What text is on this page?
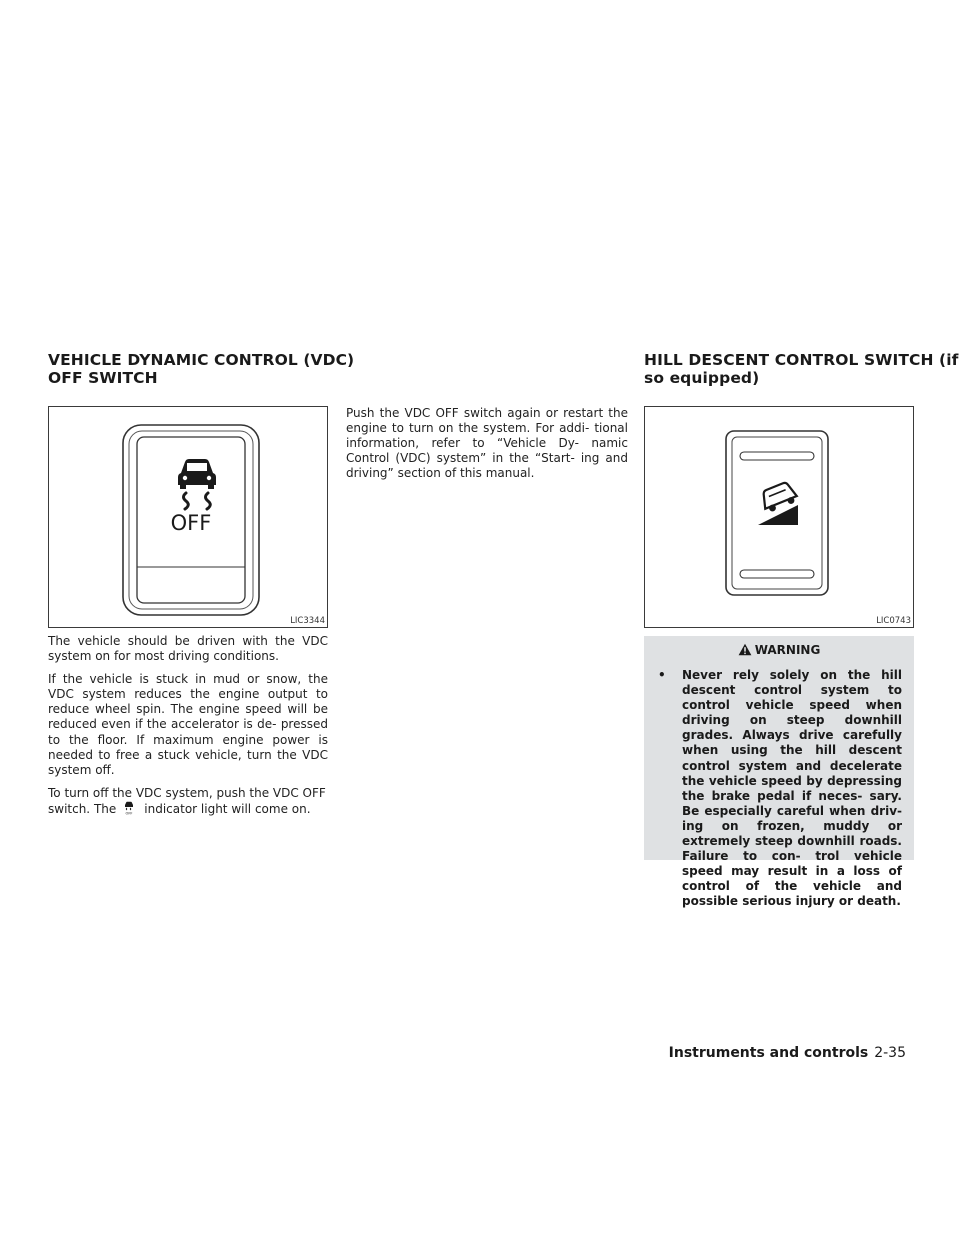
VEHICLE DYNAMIC CONTROL (VDC)
OFF SWITCH
OFF
LIC3344

The vehicle should be driven with the VDC system on for most driving conditions.

If the vehicle is stuck in mud or snow, the VDC system reduces the engine output to reduce wheel spin. The engine speed will be reduced even if the accelerator is de- pressed to the floor. If maximum engine power is needed to free a stuck vehicle, turn the VDC system off.

To turn off the VDC system, push the VDC OFF switch. The	OFF indicator light will come on.

Push the VDC OFF switch again or restart the engine to turn on the system. For addi- tional information, refer to “Vehicle Dy- namic Control (VDC) system” in the “Start- ing and driving” section of this manual.

HILL DESCENT CONTROL SWITCH (if
so equipped)
LIC0743
WARNING
•	Never rely solely on the hill descent control system to control vehicle speed when driving on steep downhill grades. Always drive carefully when using the hill descent control system and decelerate the vehicle speed by depressing the brake pedal if neces- sary. Be especially careful when driv- ing on frozen, muddy or extremely steep downhill roads. Failure to con- trol vehicle speed may result in a loss of control of the vehicle and possible serious injury or death.
Instruments and controls 2-35
